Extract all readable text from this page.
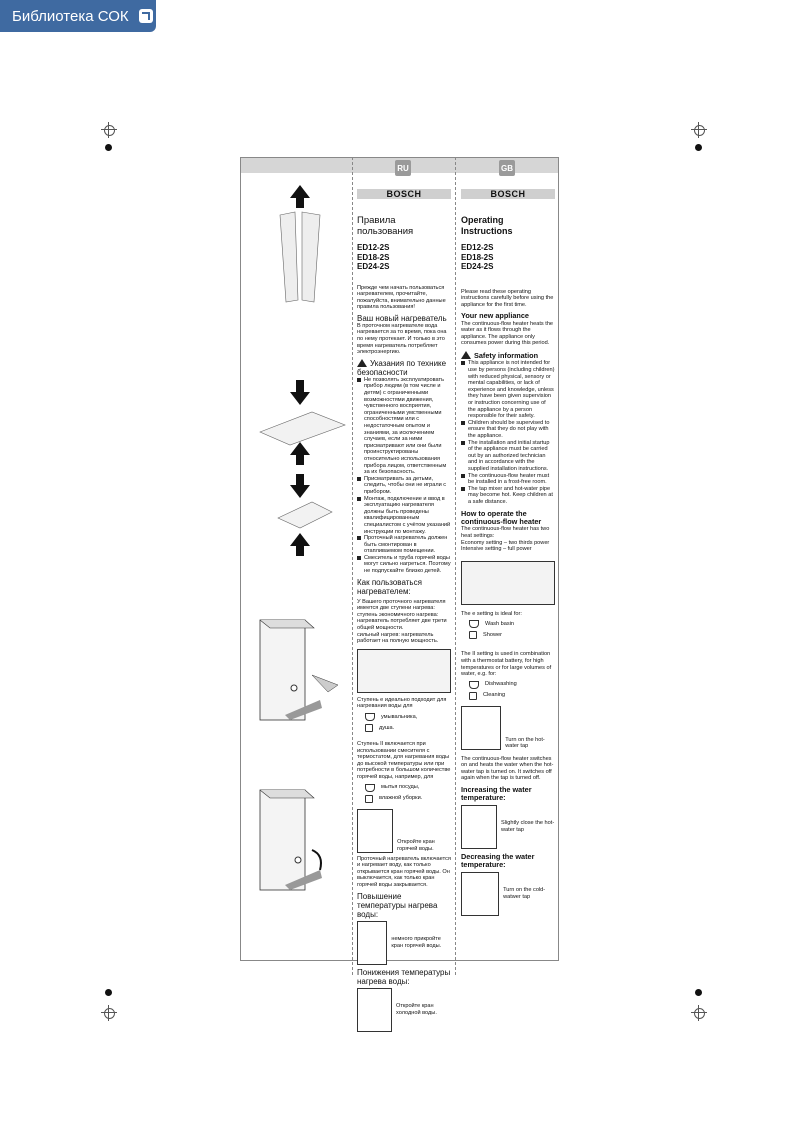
Библиотека СОК
RU	GB
BOSCH
Правила пользования
ED12-2S
ED18-2S
ED24-2S
Прежде чем начать пользоваться нагревателем, прочитайте, пожалуйста, внимательно данные правила пользования!
Ваш новый нагреватель
В проточном нагревателе вода нагревается за то время, пока она по нему протекает. И только в это время нагреватель потребляет электроэнергию.
Указания по технике безопасности
Не позволять эксплуатировать прибор людям (в том числе и детям) с ограниченными возможностями движения, чувственного восприятия, ограниченными умственными способностями или с недостаточным опытом и знаниями, за исключением случаев, если за ними присматривают или они были проинструктированы относительно использования прибора лицом, ответственным за их безопасность.
Присматривать за детьми, следить, чтобы они не играли с прибором.
Монтаж, подключение и ввод в эксплуатацию нагревателя должны быть проведены квалифицированным специалистом с учётом указаний инструкции по монтажу.
Проточный нагреватель должен быть смонтирован в отапливаемом помещении.
Смеситель и труба горячей воды могут сильно нагреться. Поэтому не подпускайте близко детей.
Как пользоваться нагревателем:
У Вашего проточного нагревателя имеется две ступени нагрева:
ступень экономичного нагрева: нагреватель потребляет две трети общей мощности.
сильный нагрев: нагреватель работает на полную мощность.
Ступень e идеально подходит для нагревания воды для
умывальника,
душа.
Ступень II включается при использовании смесителя с термостатом, для нагревания воды до высокой температуры или при потребности в большом количестве горячей воды, например, для
мытья посуды,
влажной уборки.
Откройте кран горячей воды.
Проточный нагреватель включается и нагревает воду, как только открывается кран горячей воды. Он выключается, как только кран горячей воды закрывается.
Повышение температуры нагрева воды:
немного прикройте кран горячей воды.
Понижения температуры нагрева воды:
Откройте кран холодной воды.
BOSCH
Operating Instructions
ED12-2S
ED18-2S
ED24-2S
Please read these operating instructions carefully before using the appliance for the first time.
Your new appliance
The continuous-flow heater heats the water as it flows through the appliance. The appliance only consumes power during this period.
Safety information
This appliance is not intended for use by persons (including children) with reduced physical, sensory or mental capabilities, or lack of experience and knowledge, unless they have been given supervision or instruction concerning use of the appliance by a person responsible for their safety.
Children should be supervised to ensure that they do not play with the appliance.
The installation and initial startup of the appliance must be carried out by an authorized technician and in accordance with the supplied installation instructions.
The continuous-flow heater must be installed in a frost-free room.
The tap mixer and hot-water pipe may become hot. Keep children at a safe distance.
How to operate the continuous-flow heater
The continuous-flow heater has two heat settings:
Economy setting – two thirds power
Intensive setting – full power
The e setting is ideal for:
Wash basin
Shower
The II setting is used in combination with a thermostat battery, for high temperatures or for large volumes of water, e.g. for:
Dishwashing
Cleaning
Turn on the hot-water tap
The continuous-flow heater switches on and heats the water when the hot-water tap is turned on. It switches off again when the tap is turned off.
Increasing the water temperature:
Slightly close the hot-water tap
Decreasing the water temperature:
Turn on the cold-watwer tap
